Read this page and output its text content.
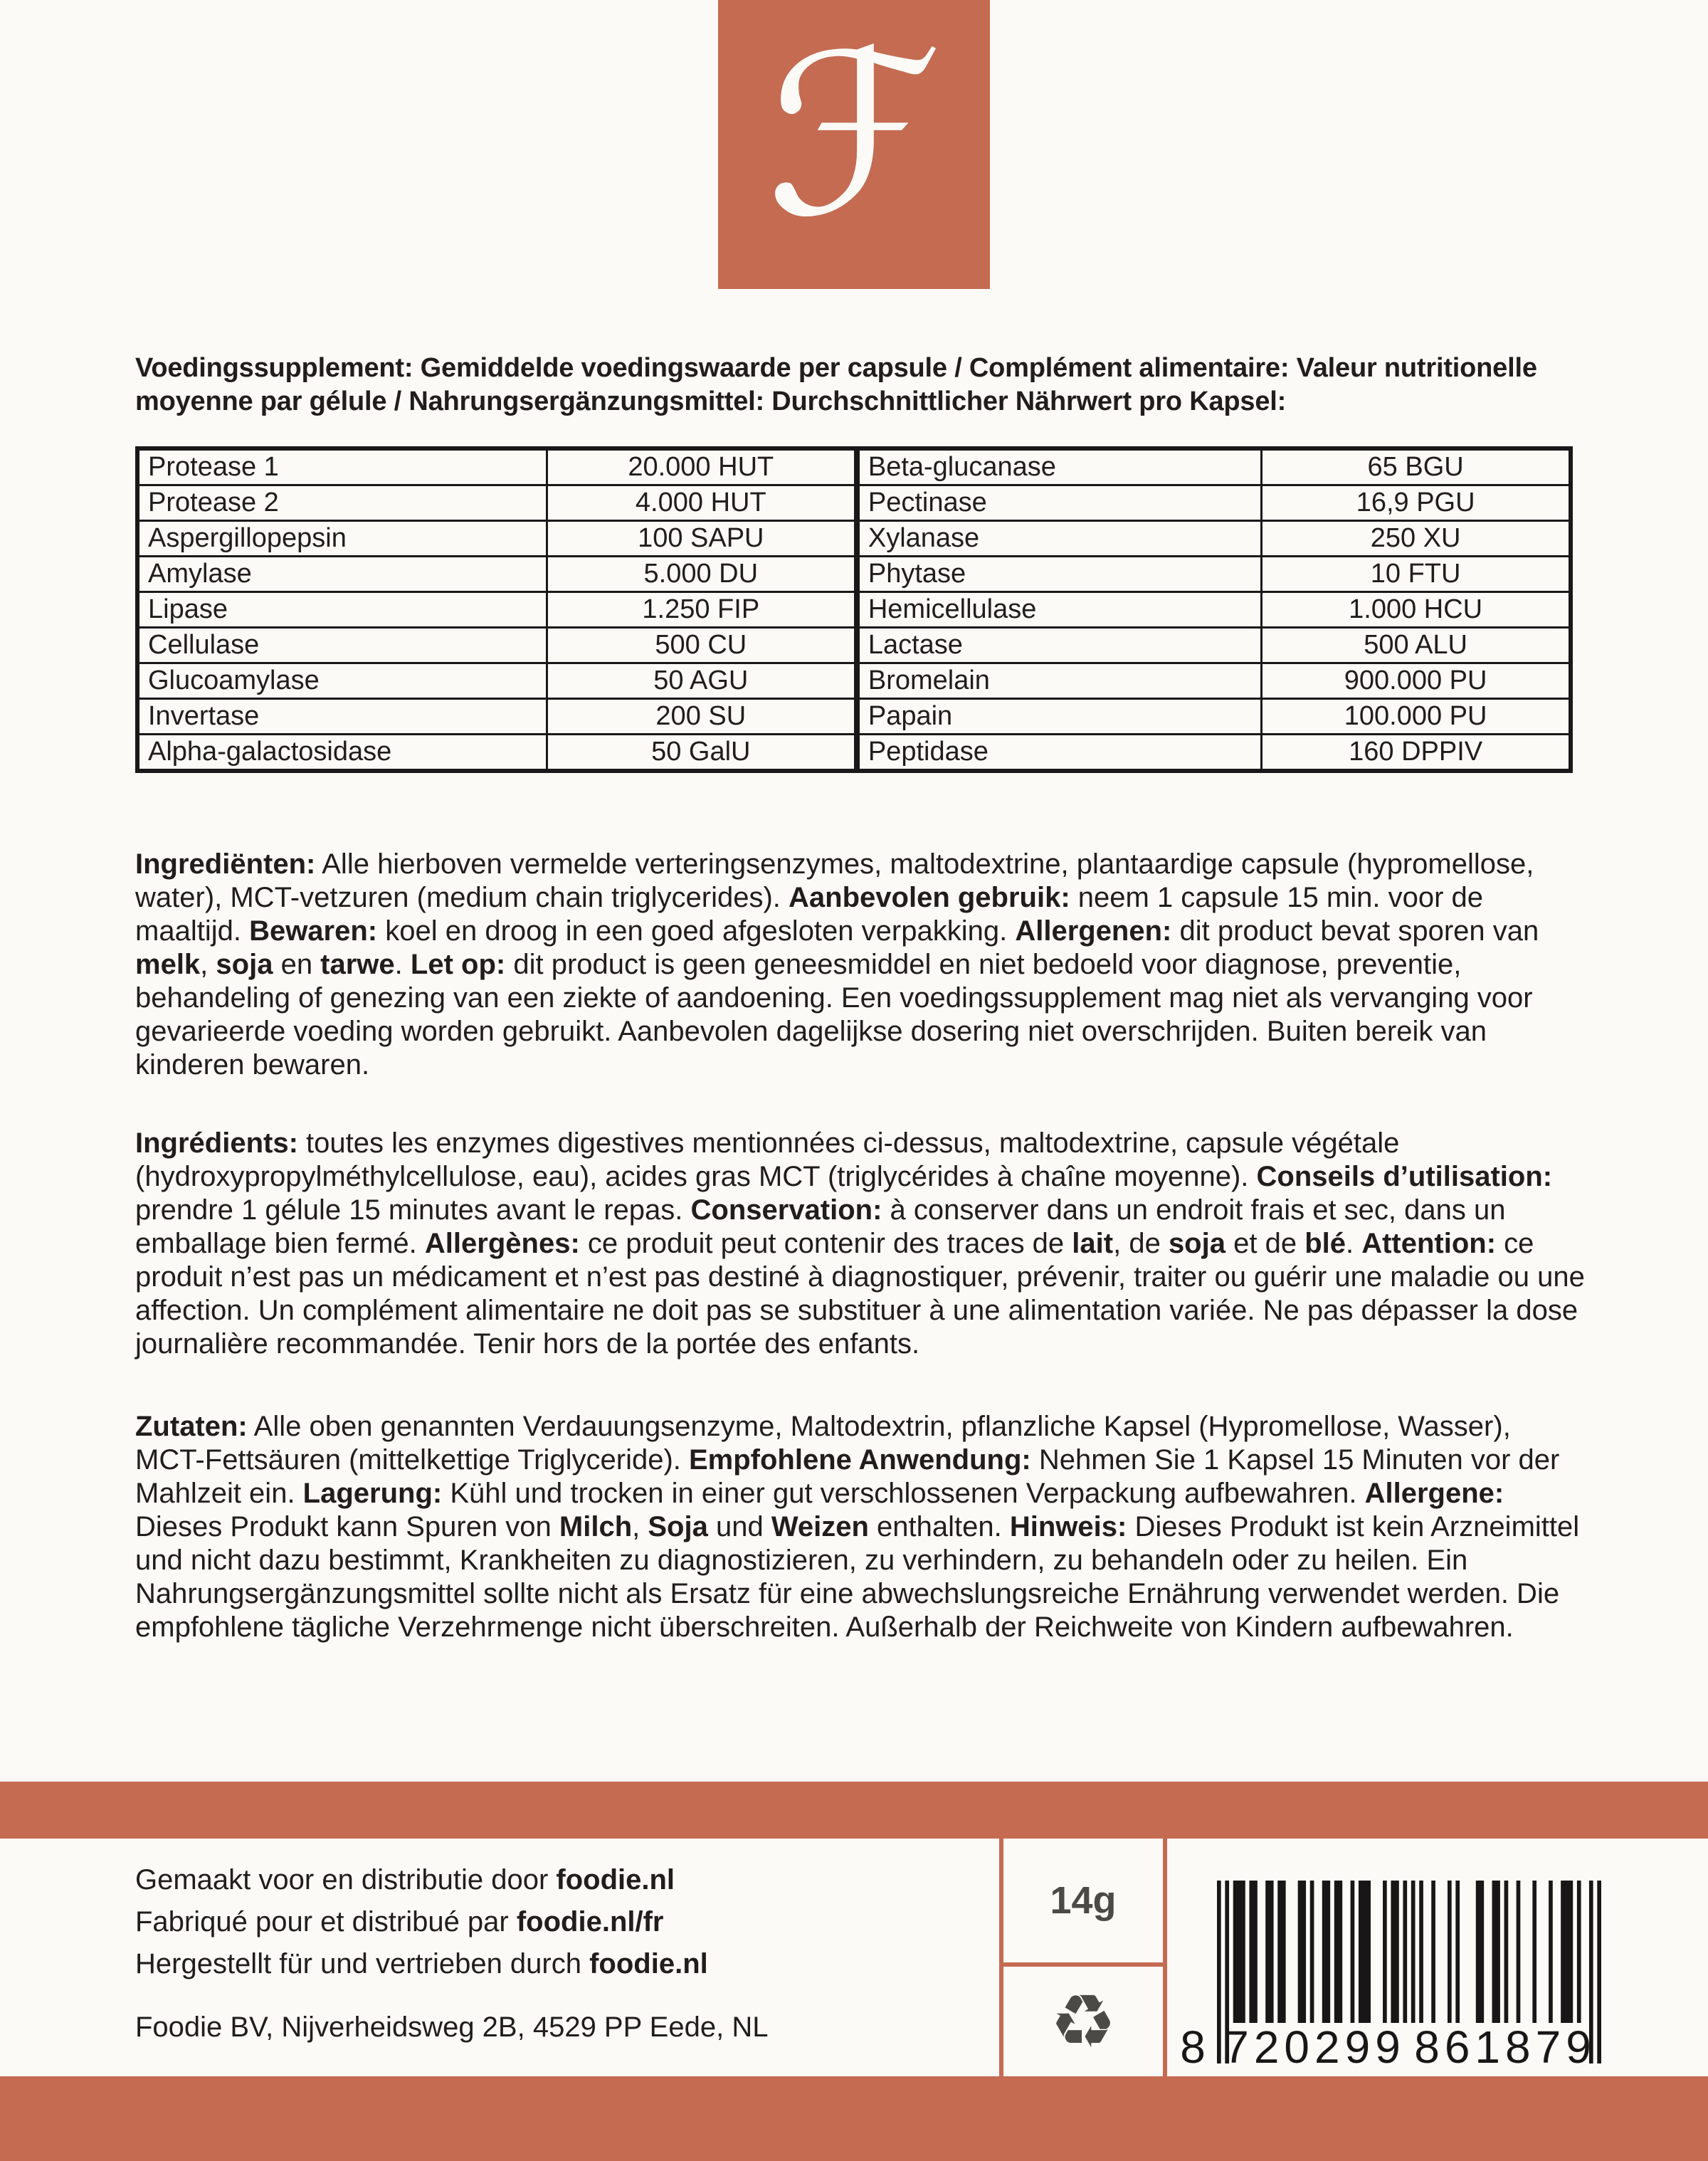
ℱ

Voedingssupplement: Gemiddelde voedingswaarde per capsule / Complément alimentaire: Valeur nutritionelle moyenne par gélule / Nahrungsergänzungsmittel: Durchschnittlicher Nährwert pro Kapsel:

Protease 1	20.000 HUT	Beta-glucanase	65 BGU
Protease 2	4.000 HUT	Pectinase	16,9 PGU
Aspergillopepsin	100 SAPU	Xylanase	250 XU
Amylase	5.000 DU	Phytase	10 FTU
Lipase	1.250 FIP	Hemicellulase	1.000 HCU
Cellulase	500 CU	Lactase	500 ALU
Glucoamylase	50 AGU	Bromelain	900.000 PU
Invertase	200 SU	Papain	100.000 PU
Alpha-galactosidase	50 GalU	Peptidase	160 DPPIV

Ingrediënten: Alle hierboven vermelde verteringsenzymes, maltodextrine, plantaardige capsule (hypromellose, water), MCT-vetzuren (medium chain triglycerides). Aanbevolen gebruik: neem 1 capsule 15 min. voor de maaltijd. Bewaren: koel en droog in een goed afgesloten verpakking. Allergenen: dit product bevat sporen van melk, soja en tarwe. Let op: dit product is geen geneesmiddel en niet bedoeld voor diagnose, preventie, behandeling of genezing van een ziekte of aandoening. Een voedingssupplement mag niet als vervanging voor gevarieerde voeding worden gebruikt. Aanbevolen dagelijkse dosering niet overschrijden. Buiten bereik van kinderen bewaren.

Ingrédients: toutes les enzymes digestives mentionnées ci-dessus, maltodextrine, capsule végétale (hydroxypropylméthylcellulose, eau), acides gras MCT (triglycérides à chaîne moyenne). Conseils d’utilisation: prendre 1 gélule 15 minutes avant le repas. Conservation: à conserver dans un endroit frais et sec, dans un emballage bien fermé. Allergènes: ce produit peut contenir des traces de lait, de soja et de blé. Attention: ce produit n’est pas un médicament et n’est pas destiné à diagnostiquer, prévenir, traiter ou guérir une maladie ou une affection. Un complément alimentaire ne doit pas se substituer à une alimentation variée. Ne pas dépasser la dose journalière recommandée. Tenir hors de la portée des enfants.

Zutaten: Alle oben genannten Verdauungsenzyme, Maltodextrin, pflanzliche Kapsel (Hypromellose, Wasser), MCT-Fettsäuren (mittelkettige Triglyceride). Empfohlene Anwendung: Nehmen Sie 1 Kapsel 15 Minuten vor der Mahlzeit ein. Lagerung: Kühl und trocken in einer gut verschlossenen Verpackung aufbewahren. Allergene: Dieses Produkt kann Spuren von Milch, Soja und Weizen enthalten. Hinweis: Dieses Produkt ist kein Arzneimittel und nicht dazu bestimmt, Krankheiten zu diagnostizieren, zu verhindern, zu behandeln oder zu heilen. Ein Nahrungsergänzungsmittel sollte nicht als Ersatz für eine abwechslungsreiche Ernährung verwendet werden. Die empfohlene tägliche Verzehrmenge nicht überschreiten. Außerhalb der Reichweite von Kindern aufbewahren.

Gemaakt voor en distributie door foodie.nl

Fabriqué pour et distribué par foodie.nl/fr

Hergestellt für und vertrieben durch foodie.nl

Foodie BV, Nijverheidsweg 2B, 4529 PP Eede, NL

14g
♻	8 720299 861879
